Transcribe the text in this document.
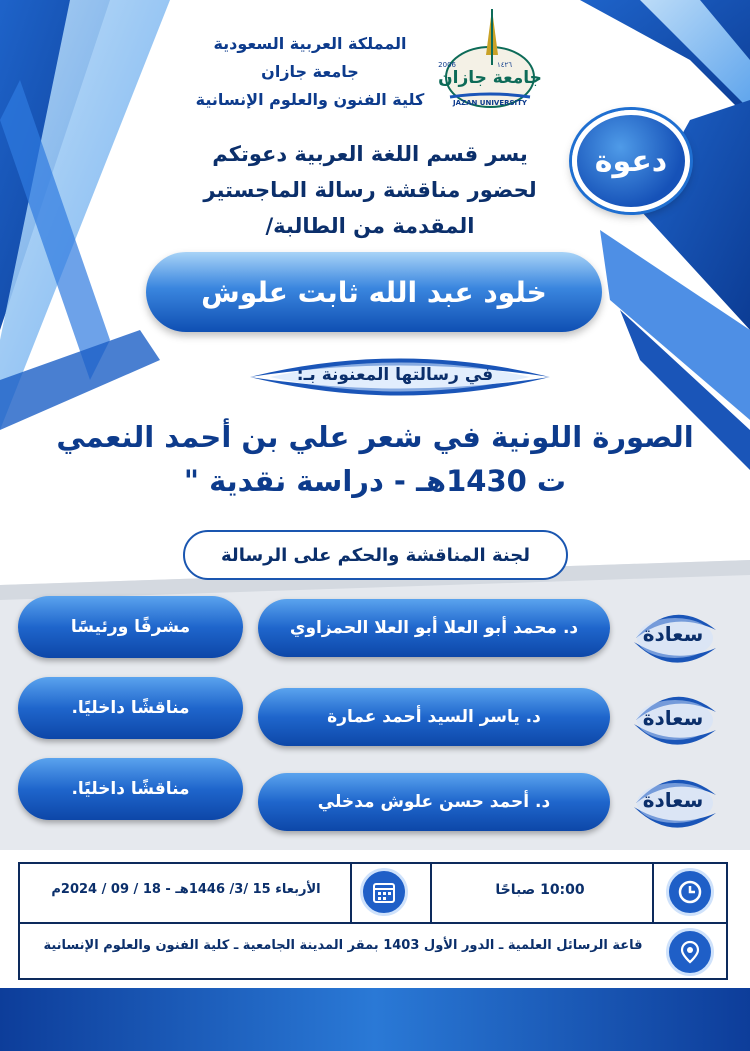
المملكة العربية السعودية
جامعة جازان
كلية الفنون والعلوم الإنسانية
جامعة جازان
2006	١٤٢٦
JAZAN UNIVERSITY
دعوة
يسر قسم اللغة العربية دعوتكم
لحضور مناقشة رسالة الماجستير
المقدمة من الطالبة/
خلود عبد الله ثابت علوش
في رسالتها المعنونة بـ:
الصورة اللونية في شعر علي بن أحمد النعمي
ت 1430هـ - دراسة نقدية "
لجنة المناقشة والحكم على الرسالة
سعادة
د. محمد أبو العلا أبو العلا الحمزاوي
مشرفًا ورئيسًا
سعادة
د. ياسر السيد أحمد عمارة
مناقشًا داخليًا.
سعادة
د. أحمد حسن علوش مدخلي
مناقشًا داخليًا.
10:00 صباحًا
الأربعاء 15 /3/ 1446هـ - 18 / 09 / 2024م
قاعة الرسائل العلمية ـ الدور الأول 1403 بمقر المدينة الجامعية ـ كلية الفنون والعلوم الإنسانية
